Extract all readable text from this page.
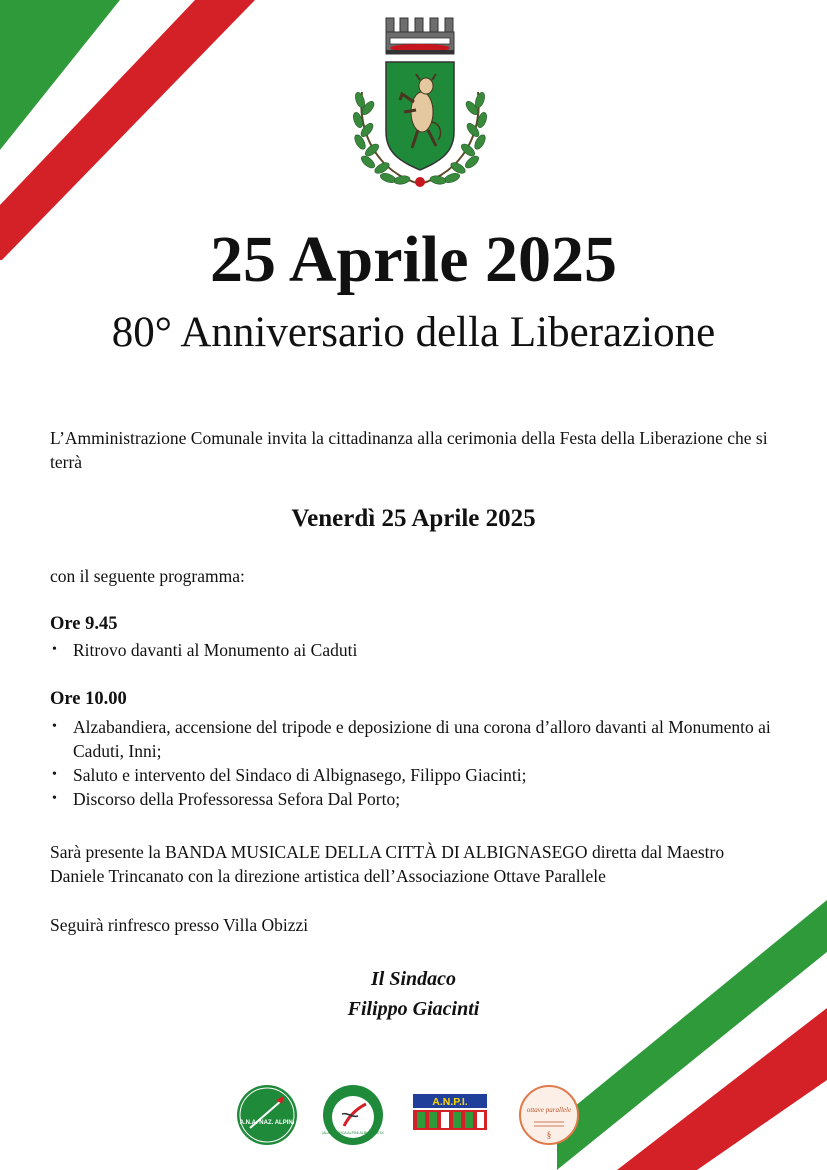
25 Aprile 2025
80° Anniversario della Liberazione

L’Amministrazione Comunale invita la cittadinanza alla cerimonia della Festa della Liberazione che si terrà

Venerdì 25 Aprile 2025

con il seguente programma:

Ore 9.45
• Ritrovo davanti al Monumento ai Caduti
Ore 10.00
• Alzabandiera, accensione del tripode e deposizione di una corona d’alloro davanti al Monumento ai Caduti, Inni;
• Saluto e intervento del Sindaco di Albignasego, Filippo Giacinti;
• Discorso della Professoressa Sefora Dal Porto;

Sarà presente la BANDA MUSICALE DELLA CITTÀ DI ALBIGNASEGO diretta dal Maestro Daniele Trincanato con la direzione artistica dell’Associazione Ottave Parallele

Seguirà rinfresco presso Villa Obizzi

Il Sindaco
Filippo Giacinti
A.N.A. NAZ. ALPINI
SALA STORICA ALPINI ALBIGNASEGO
A.N.P.I.
ottave parallele
§
